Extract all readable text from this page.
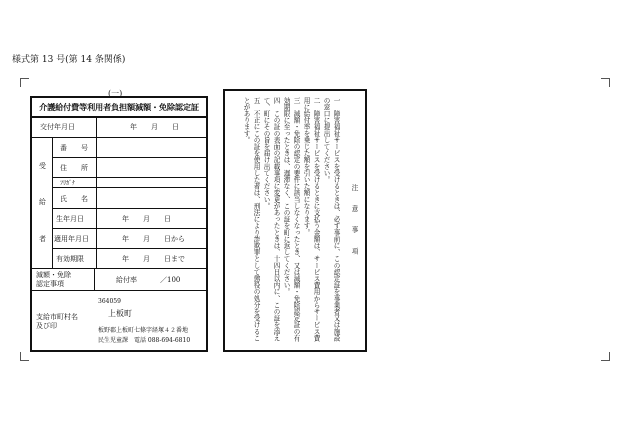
様式第 13 号(第 14 条関係)
(一)
介護給付費等利用者負担額減額・免除認定証
交付年月日	年　　月　　日
受
給
者
番　　号
住　　所
ﾌﾘｶﾞﾅ
氏　　名
生年月日	年　　月　　日
適用年月日	年　　月　　日から
有効期限	年　　月　　日まで
減額・免除
認定事項	給付率	／100
支給市町村名
及び印
364059
上板町
板野郡上板町七條字経塚４２番地
民生児童課　電話 088-694-6810

注　意　事　項

一　障害福祉サービスを受けるときは、必ず事前に、この認定証を事業者又は施設の窓口に提出してください。

二　障害福祉サービスを受けるときに支払う金額は、サービス費用からサービス費用に給付率を乗じた額を引いた額になります。

三　減額・免除の認定の要件に該当しなくなったとき、又は減額・免除認定証の有効期限に至ったときは、遅滞なく、この証を町に返してください。

四　この証の表面の記載事項に変更があったときは、十四日以内に、この証を添えて、町にその旨を届け出てください。

五　不正にこの証を使用した者は、刑法により詐欺罪として懲役の処分を受けることがあります。
